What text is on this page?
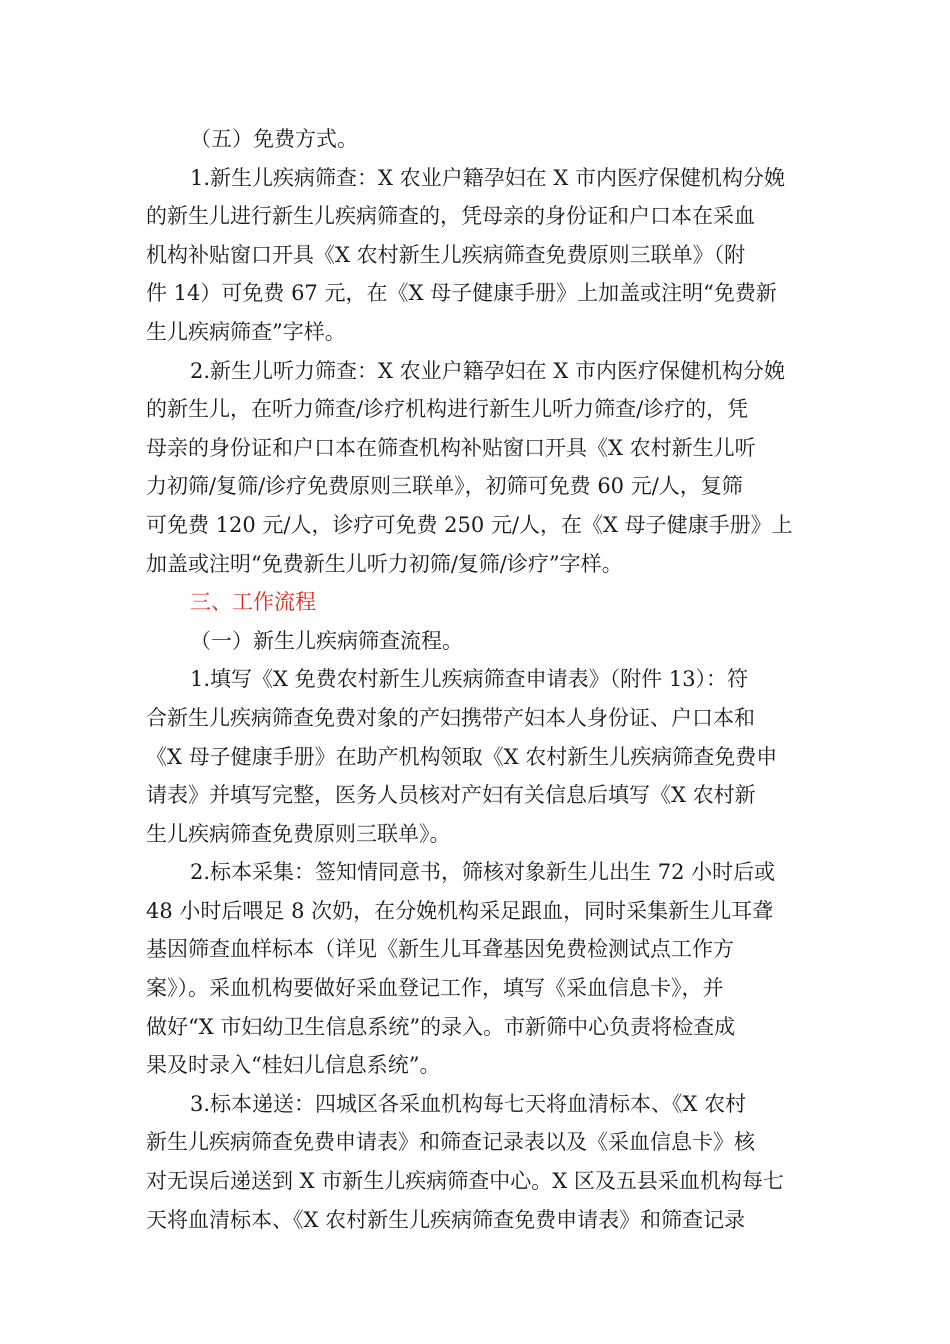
（五）免费方式。
1.新生儿疾病筛查：X 农业户籍孕妇在 X 市内医疗保健机构分娩
的新生儿进行新生儿疾病筛查的，凭母亲的身份证和户口本在采血
机构补贴窗口开具《X 农村新生儿疾病筛查免费原则三联单》（附
件 14）可免费 67 元，在《X 母子健康手册》上加盖或注明“免费新
生儿疾病筛查”字样。
2.新生儿听力筛查：X 农业户籍孕妇在 X 市内医疗保健机构分娩
的新生儿，在听力筛查/诊疗机构进行新生儿听力筛查/诊疗的，凭
母亲的身份证和户口本在筛查机构补贴窗口开具《X 农村新生儿听
力初筛/复筛/诊疗免费原则三联单》，初筛可免费 60 元/人，复筛
可免费 120 元/人，诊疗可免费 250 元/人，在《X 母子健康手册》上
加盖或注明“免费新生儿听力初筛/复筛/诊疗”字样。
三、工作流程
（一）新生儿疾病筛查流程。
1.填写《X 免费农村新生儿疾病筛查申请表》（附件 13）：符
合新生儿疾病筛查免费对象的产妇携带产妇本人身份证、户口本和
《X 母子健康手册》在助产机构领取《X 农村新生儿疾病筛查免费申
请表》并填写完整，医务人员核对产妇有关信息后填写《X 农村新
生儿疾病筛查免费原则三联单》。
2.标本采集：签知情同意书，筛核对象新生儿出生 72 小时后或
48 小时后喂足 8 次奶，在分娩机构采足跟血，同时采集新生儿耳聋
基因筛查血样标本（详见《新生儿耳聋基因免费检测试点工作方
案》）。采血机构要做好采血登记工作，填写《采血信息卡》，并
做好“X 市妇幼卫生信息系统”的录入。市新筛中心负责将检查成
果及时录入“桂妇儿信息系统”。
3.标本递送：四城区各采血机构每七天将血清标本、《X 农村
新生儿疾病筛查免费申请表》和筛查记录表以及《采血信息卡》核
对无误后递送到 X 市新生儿疾病筛查中心。X 区及五县采血机构每七
天将血清标本、《X 农村新生儿疾病筛查免费申请表》和筛查记录
